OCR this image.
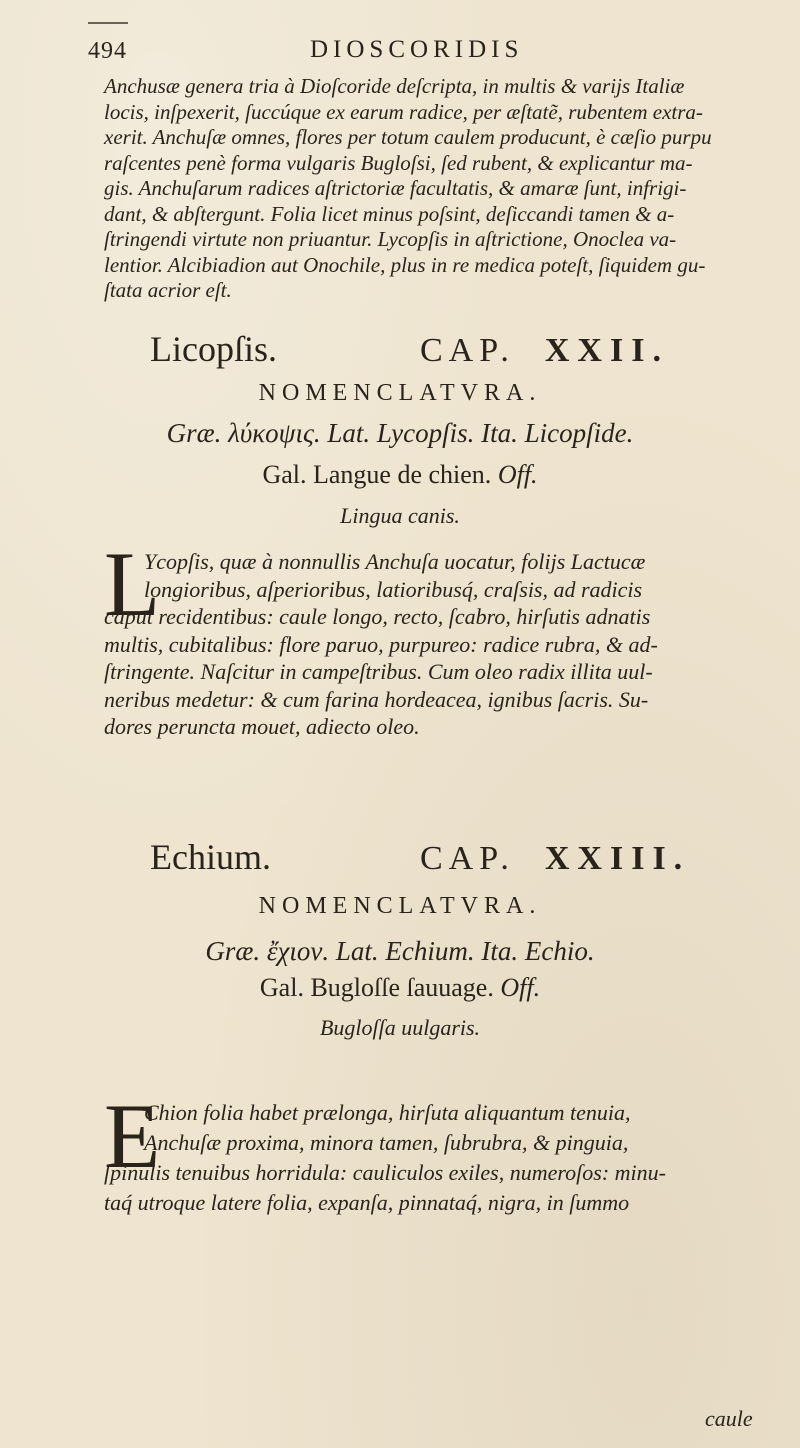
494	DIOSCORIDIS
Anchusæ genera tria à Dioſcoride deſcripta, in multis & varijs Italiæ
locis, inſpexerit, ſuccúque ex earum radice, per æſtatẽ, rubentem extra-
xerit. Anchuſæ omnes, flores per totum caulem producunt, è cæſio purpu
raſcentes penè forma vulgaris Bugloſsi, ſed rubent, & explicantur ma-
gis. Anchuſarum radices aſtrictoriæ facultatis, & amaræ ſunt, infrigi-
dant, & abſtergunt. Folia licet minus poſsint, deſiccandi tamen & a-
ſtringendi virtute non priuantur. Lycopſis in aſtrictione, Onoclea va-
lentior. Alcibiadion aut Onochile, plus in re medica poteſt, ſiquidem gu-
ſtata acrior eſt.
Licopſis.	CAP. XXII.
NOMENCLATVRA.
Græ. λύκοψις. Lat. Lycopſis. Ita. Licopſide.
Gal. Langue de chien. Off.
Lingua canis.
L
Ycopſis, quæ à nonnullis Anchuſa uocatur, folijs Lactucæ
longioribus, aſperioribus, latioribusq́, craſsis, ad radicis
caput recidentibus: caule longo, recto, ſcabro, hirſutis adnatis
multis, cubitalibus: flore paruo, purpureo: radice rubra, & ad-
ſtringente. Naſcitur in campeſtribus. Cum oleo radix illita uul-
neribus medetur: & cum farina hordeacea, ignibus ſacris. Su-
dores perunctа mouet, adiecto oleo.
Echium.	CAP. XXIII.
NOMENCLATVRA.
Græ. ἔχιον. Lat. Echium. Ita. Echio.
Gal. Bugloſſe ſauuage. Off.
Bugloſſa uulgaris.
E
Chion folia habet prælonga, hirſuta aliquantum tenuia,
Anchuſæ proxima, minora tamen, ſubrubra, & pinguia,
ſpinulis tenuibus horridula: cauliculos exiles, numeroſos: minu-
taq́ utroque latere folia, expanſa, pinnataq́, nigra, in ſummo
caule
